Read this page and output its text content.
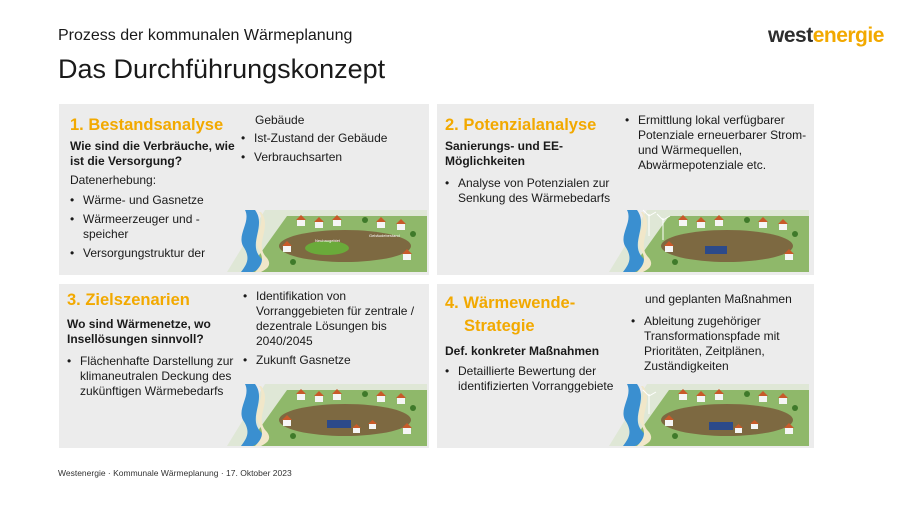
Prozess der kommunalen Wärmeplanung
Das Durchführungskonzept
westenergie
1. Bestandsanalyse
Wie sind die Verbräuche, wie ist die Versorgung?
Datenerhebung:
• Wärme- und Gasnetze
• Wärmeerzeuger und - speicher
• Versorgungstruktur der
Gebäude
• Ist-Zustand der Gebäude
• Verbrauchsarten
Neubaugebiet
Gebäudebestand
2. Potenzialanalyse
Sanierungs- und EE-Möglichkeiten
• Analyse von Potenzialen zur Senkung des Wärmebedarfs
• Ermittlung lokal verfügbarer Potenziale erneuerbarer Strom- und Wärmequellen, Abwärmepotenziale etc.
3. Zielszenarien
Wo sind Wärmenetze, wo Insellösungen sinnvoll?
• Flächenhafte Darstellung zur klimaneutralen Deckung des zukünftigen Wärmebedarfs
• Identifikation von Vorranggebieten für zentrale / dezentrale Lösungen bis 2040/2045
• Zukunft Gasnetze
4. Wärmewende-
Strategie
Def. konkreter Maßnahmen
• Detaillierte Bewertung der identifizierten Vorranggebiete
und geplanten Maßnahmen
• Ableitung zugehöriger Transformationspfade mit Prioritäten, Zeitplänen, Zuständigkeiten
Westenergie · Kommunale Wärmeplanung · 17. Oktober 2023
